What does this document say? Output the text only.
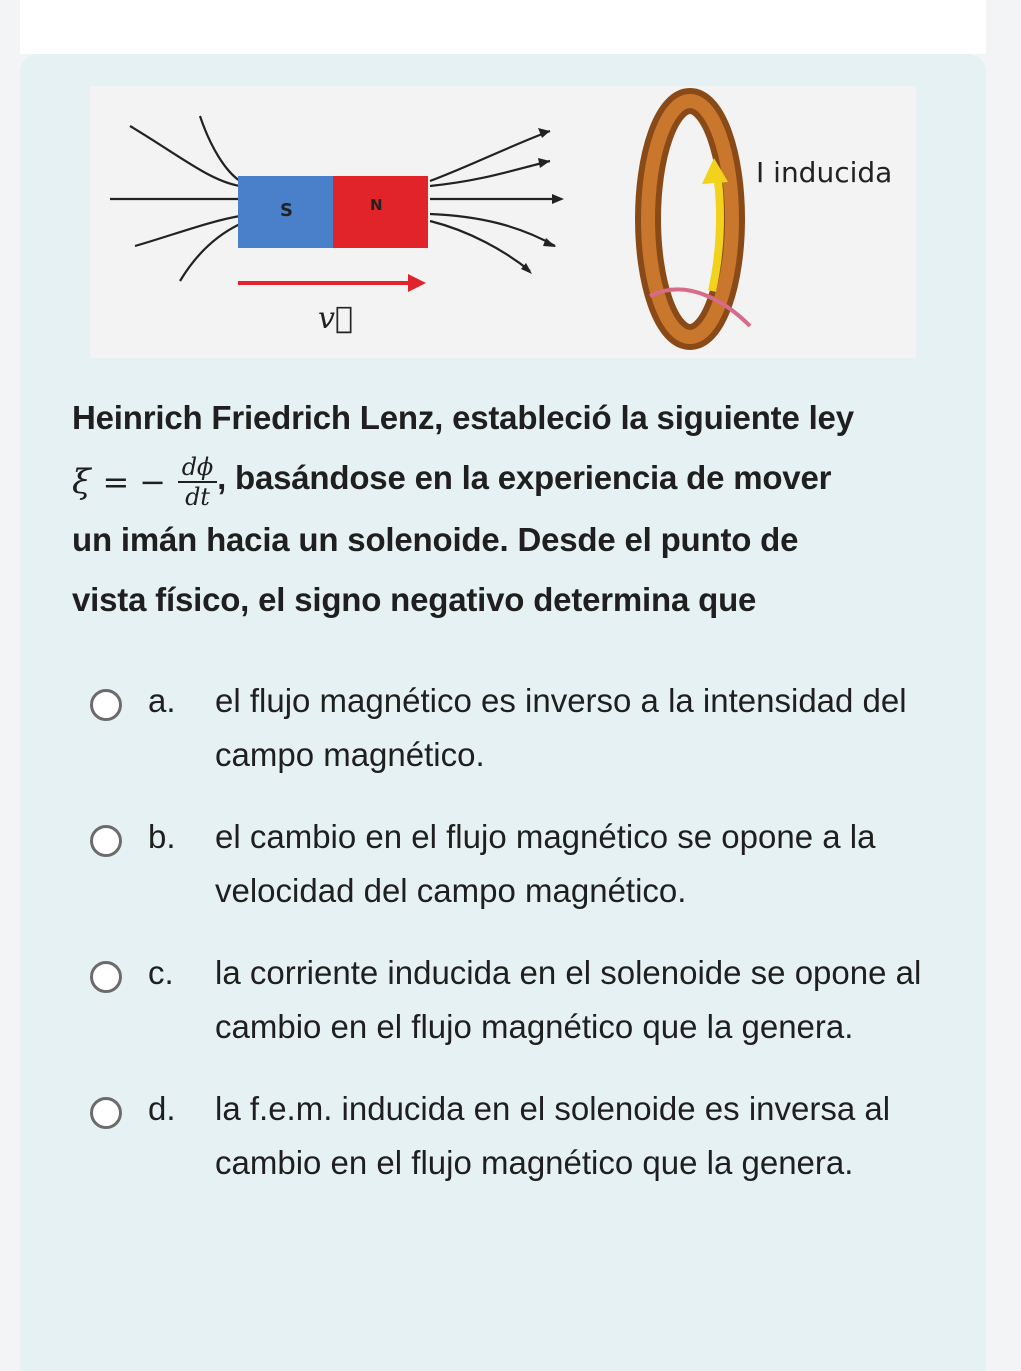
S	N
v⃗
I inducida
Heinrich Friedrich Lenz, estableció la siguiente ley
ξ = − $\frac{d\phi}{dt}$ , basándose en la experiencia de mover
un imán hacia un solenoide. Desde el punto de
vista físico, el signo negativo determina que
a. el flujo magnético es inverso a la intensidad del campo magnético.
b. el cambio en el flujo magnético se opone a la velocidad del campo magnético.
c. la corriente inducida en el solenoide se opone al cambio en el flujo magnético que la genera.
d. la f.e.m. inducida en el solenoide es inversa al cambio en el flujo magnético que la genera.
